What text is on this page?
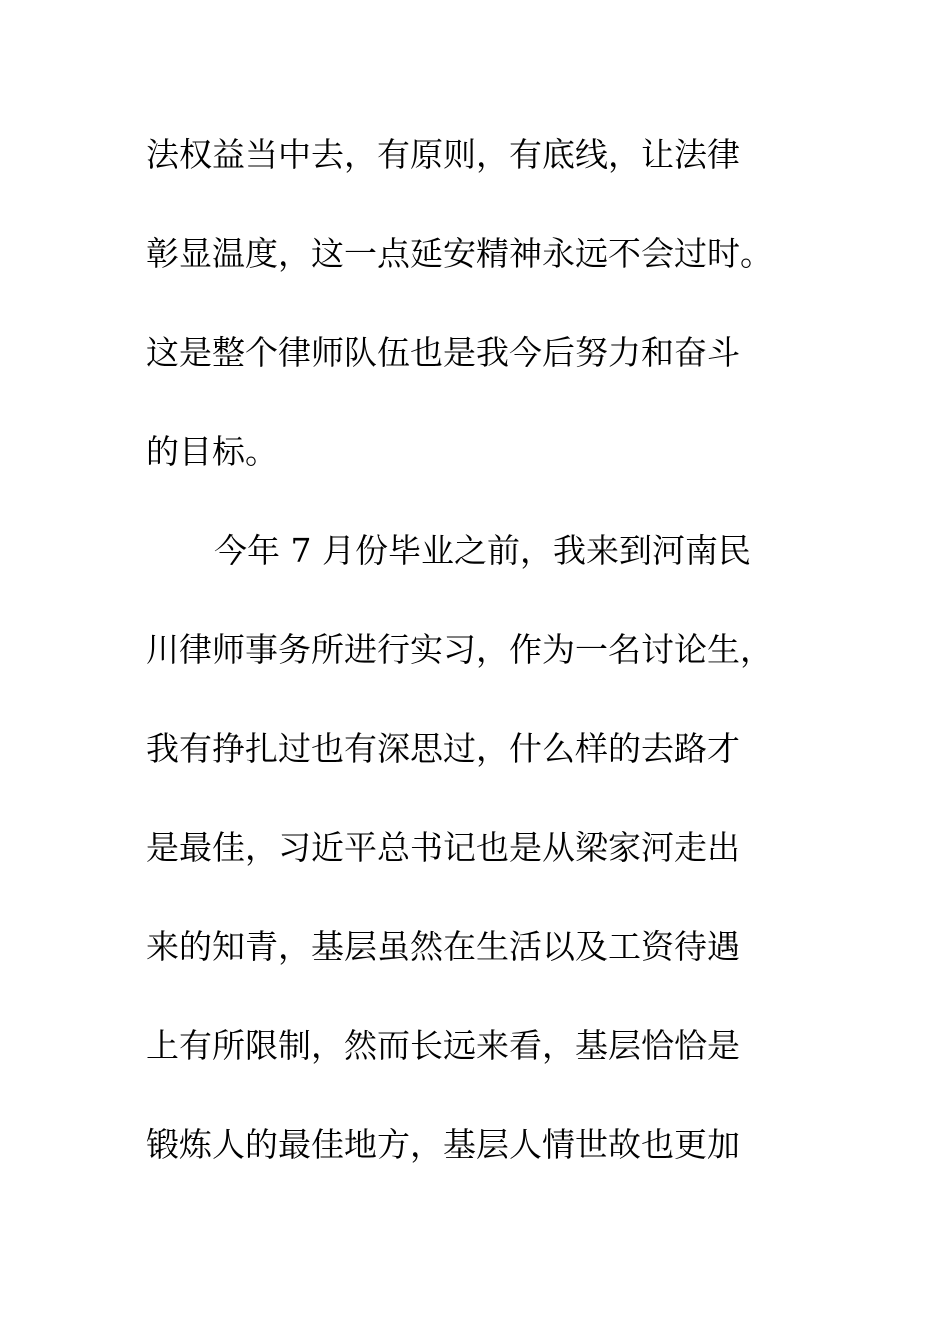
法权益当中去，有原则，有底线，让法律
彰显温度，这一点延安精神永远不会过时。
这是整个律师队伍也是我今后努力和奋斗
的目标。
今年 7 月份毕业之前，我来到河南民
川律师事务所进行实习，作为一名讨论生，
我有挣扎过也有深思过，什么样的去路才
是最佳，习近平总书记也是从梁家河走出
来的知青，基层虽然在生活以及工资待遇
上有所限制，然而长远来看，基层恰恰是
锻炼人的最佳地方，基层人情世故也更加
